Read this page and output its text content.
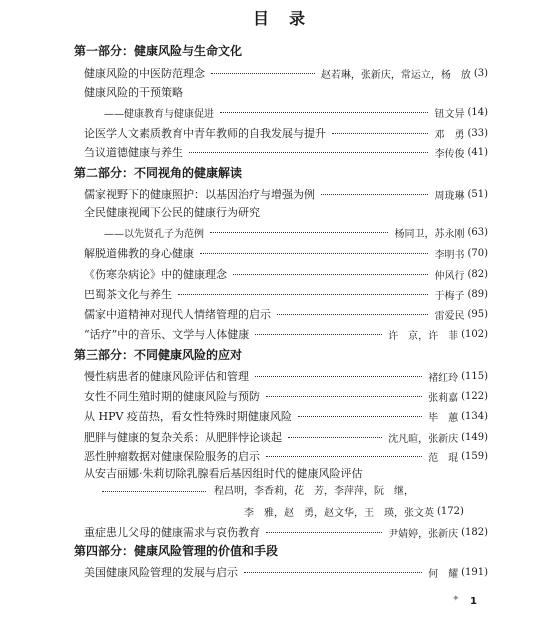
目　录
第一部分：健康风险与生命文化
健康风险的中医防范理念	赵若琳，张新庆，常运立，杨　放 (3)
健康风险的干预策略
——健康教育与健康促进	钮文异 (14)
论医学人文素质教育中青年教师的自我发展与提升	邓　勇 (33)
刍议道德健康与养生	李传俊 (41)
第二部分：不同视角的健康解读
儒家视野下的健康照护：以基因治疗与增强为例	周珑琳 (51)
全民健康视阈下公民的健康行为研究
——以先贤孔子为范例	杨同卫，苏永刚 (63)
解脱道佛教的身心健康	李明书 (70)
《伤寒杂病论》中的健康理念	仲风行 (82)
巴蜀茶文化与养生	于梅子 (89)
儒家中道精神对现代人情绪管理的启示	雷爱民 (95)
“话疗”中的音乐、文学与人体健康	许　京，许　菲 (102)
第三部分：不同健康风险的应对
慢性病患者的健康风险评估和管理	褚红玲 (115)
女性不同生殖时期的健康风险与预防	张莉嘉 (122)
从 HPV 疫苗热，看女性特殊时期健康风险	毕　蕙 (134)
肥胖与健康的复杂关系：从肥胖悖论谈起	沈凡暄，张新庆 (149)
恶性肿瘤数据对健康保险服务的启示	范　琨 (159)
从安吉丽娜·朱莉切除乳腺看后基因组时代的健康风险评估
程昌明，李香莉，花　芳，李萍萍，阮　继，
李　雅，赵　勇，赵文华，王　瑛，张文英 (172)
重症患儿父母的健康需求与哀伤教育	尹婧婷，张新庆 (182)
第四部分：健康风险管理的价值和手段
美国健康风险管理的发展与启示	何　耀 (191)
✦ 1
